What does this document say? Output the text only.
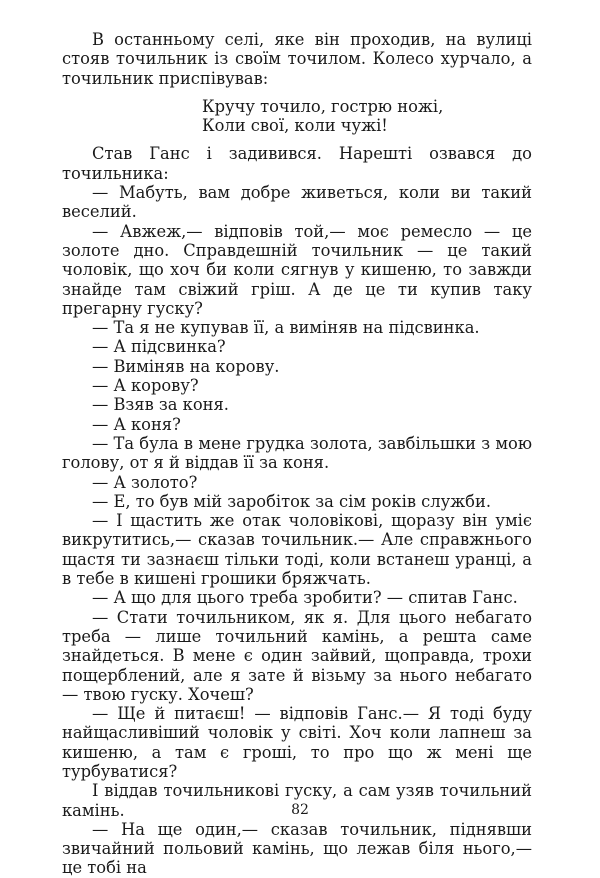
В останньому селі, яке він проходив, на вулиці стояв точильник із своїм точилом. Колесо хурчало, а точильник приспівував:

Кручу точило, гострю ножі,
Коли свої, коли чужі!

Став Ганс і задивився. Нарешті озвався до точильника:

— Мабуть, вам добре живеться, коли ви такий веселий.

— Авжеж,— відповів той,— моє ремесло — це золоте дно. Справдешній точильник — це такий чоловік, що хоч би коли сягнув у кишеню, то завжди знайде там свіжий гріш. А де це ти купив таку прегарну гуску?

— Та я не купував її, а виміняв на підсвинка.

— А підсвинка?

— Виміняв на корову.

— А корову?

— Взяв за коня.

— А коня?

— Та була в мене грудка золота, завбільшки з мою голову, от я й віддав її за коня.

— А золото?

— Е, то був мій заробіток за сім років служби.

— І щастить же отак чоловікові, щоразу він уміє викрутитись,— сказав точильник.— Але справжнього щастя ти зазнаєш тільки тоді, коли встанеш уранці, а в тебе в кишені грошики бряжчать.

— А що для цього треба зробити? — спитав Ганс.

— Стати точильником, як я. Для цього небагато треба — лише точильний камінь, а решта саме знайдеться. В мене є один зайвий, щоправда, трохи пощерблений, але я зате й візьму за нього небагато — твою гуску. Хочеш?

— Ще й питаєш! — відповів Ганс.— Я тоді буду найщасливіший чоловік у світі. Хоч коли лапнеш за кишеню, а там є гроші, то про що ж мені ще турбуватися?

І віддав точильникові гуску, а сам узяв точильний камінь.

— На ще один,— сказав точильник, піднявши звичайний польовий камінь, що лежав біля нього,— це тобі на

82
